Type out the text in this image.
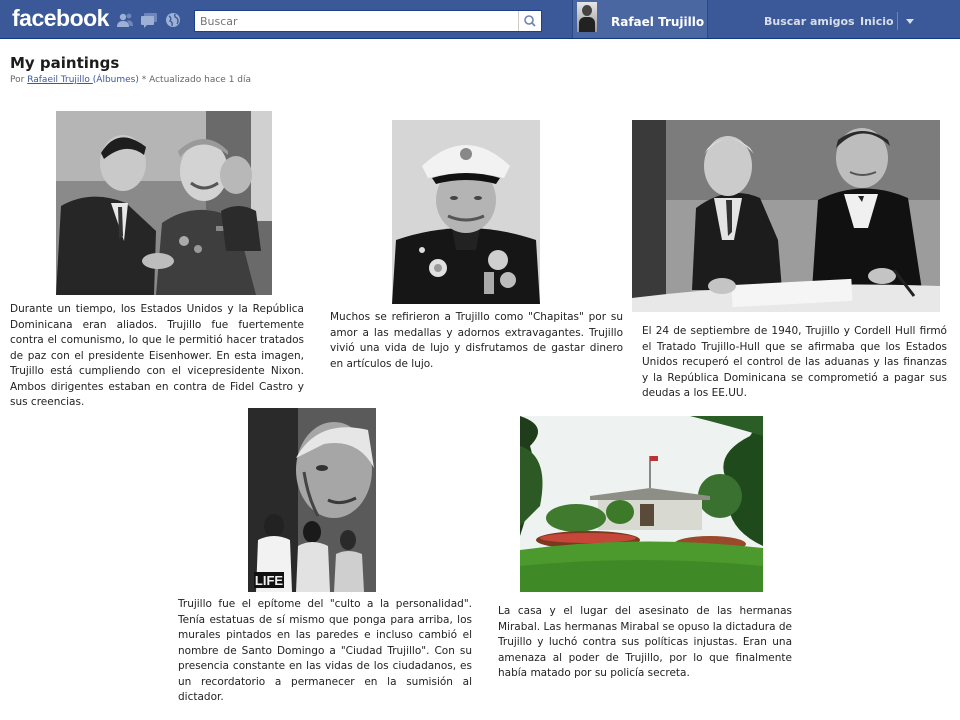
facebook
Buscar	Rafael Trujillo	Buscar amigos Inicio
My paintings
Por Rafaeil Trujillo (Álbumes) * Actualizado hace 1 día
Durante un tiempo, los Estados Unidos y la República Dominicana eran aliados. Trujillo fue fuertemente contra el comunismo, lo que le permitió hacer tratados de paz con el presidente Eisenhower. En esta imagen, Trujillo está cumpliendo con el vicepresidente Nixon. Ambos dirigentes estaban en contra de Fidel Castro y sus creencias.
Muchos se refirieron a Trujillo como "Chapitas" por su amor a las medallas y adornos extravagantes. Trujillo vivió una vida de lujo y disfrutamos de gastar dinero en artículos de lujo.
El 24 de septiembre de 1940, Trujillo y Cordell Hull firmó el Tratado Trujillo-Hull que se afirmaba que los Estados Unidos recuperó el control de las aduanas y las finanzas y la República Dominicana se comprometió a pagar sus deudas a los EE.UU.
LIFE
Trujillo fue el epítome del "culto a la personalidad". Tenía estatuas de sí mismo que ponga para arriba, los murales pintados en las paredes e incluso cambió el nombre de Santo Domingo a "Ciudad Trujillo". Con su presencia constante en las vidas de los ciudadanos, es un recordatorio a permanecer en la sumisión al dictador.
La casa y el lugar del asesinato de las hermanas Mirabal. Las hermanas Mirabal se opuso la dictadura de Trujillo y luchó contra sus políticas injustas. Eran una amenaza al poder de Trujillo, por lo que finalmente había matado por su policía secreta.
